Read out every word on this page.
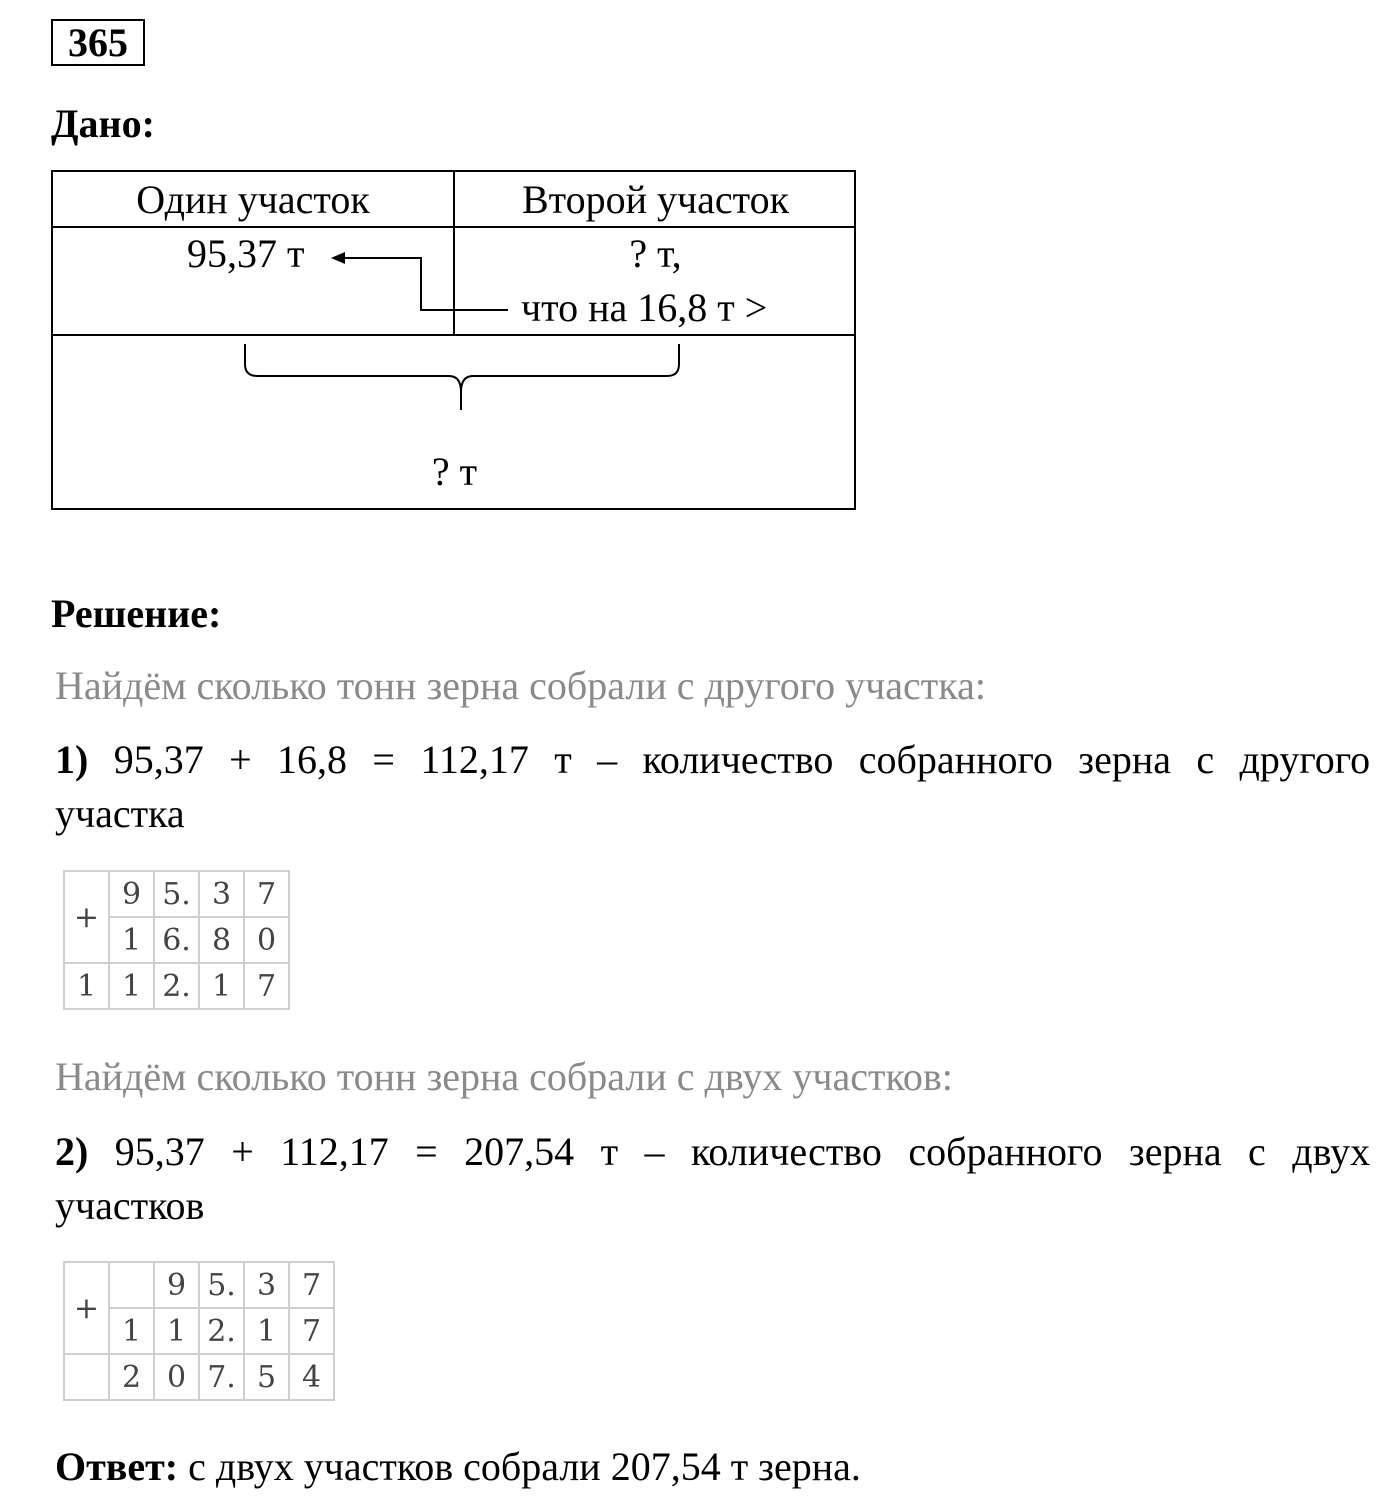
365
Дано:
Один участок	Второй участок
95,37 т	? т,
что на 16,8 т >
? т
Решение:
Найдём сколько тонн зерна собрали с другого участка:
1) 95,37 + 16,8 = 112,17 т – количество собранного зерна с другого
участка
+	9	5.	3	7
	1	6.	8	0
1	1	2.	1	7
Найдём сколько тонн зерна собрали с двух участков:
2) 95,37 + 112,17 = 207,54 т – количество собранного зерна с двух
участков
+		9	5.	3	7
	1	1	2.	1	7
	2	0	7.	5	4
Ответ: с двух участков собрали 207,54 т зерна.
